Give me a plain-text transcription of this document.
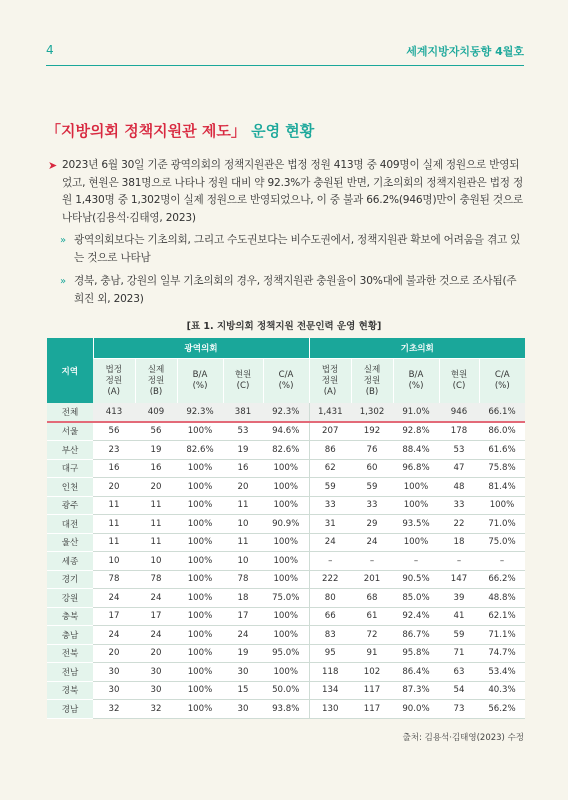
4	세계지방자치동향 4월호
「지방의회 정책지원관 제도」 운영 현황
➤ 2023년 6월 30일 기준 광역의회의 정책지원관은 법정 정원 413명 중 409명이 실제 정원으로 반영되었고, 현원은 381명으로 나타나 정원 대비 약 92.3%가 충원된 반면, 기초의회의 정책지원관은 법정 정원 1,430명 중 1,302명이 실제 정원으로 반영되었으나, 이 중 불과 66.2%(946명)만이 충원된 것으로 나타남(김용석·김태영, 2023)
» 광역의회보다는 기초의회, 그리고 수도권보다는 비수도권에서, 정책지원관 확보에 어려움을 겪고 있는 것으로 나타남
» 경북, 충남, 강원의 일부 기초의회의 경우, 정책지원관 충원율이 30%대에 불과한 것으로 조사됨(주희진 외, 2023)
[표 1. 지방의회 정책지원 전문인력 운영 현황]
지역	광역의회					기초의회				
	법정
정원
(A)	실제
정원
(B)	B/A
(%)	현원
(C)	C/A
(%)	법정
정원
(A)	실제
정원
(B)	B/A
(%)	현원
(C)	C/A
(%)
전체	413	409	92.3%	381	92.3%	1,431	1,302	91.0%	946	66.1%
서울	56	56	100%	53	94.6%	207	192	92.8%	178	86.0%
부산	23	19	82.6%	19	82.6%	86	76	88.4%	53	61.6%
대구	16	16	100%	16	100%	62	60	96.8%	47	75.8%
인천	20	20	100%	20	100%	59	59	100%	48	81.4%
광주	11	11	100%	11	100%	33	33	100%	33	100%
대전	11	11	100%	10	90.9%	31	29	93.5%	22	71.0%
울산	11	11	100%	11	100%	24	24	100%	18	75.0%
세종	10	10	100%	10	100%	–	–	–	–	–
경기	78	78	100%	78	100%	222	201	90.5%	147	66.2%
강원	24	24	100%	18	75.0%	80	68	85.0%	39	48.8%
충북	17	17	100%	17	100%	66	61	92.4%	41	62.1%
충남	24	24	100%	24	100%	83	72	86.7%	59	71.1%
전북	20	20	100%	19	95.0%	95	91	95.8%	71	74.7%
전남	30	30	100%	30	100%	118	102	86.4%	63	53.4%
경북	30	30	100%	15	50.0%	134	117	87.3%	54	40.3%
경남	32	32	100%	30	93.8%	130	117	90.0%	73	56.2%
출처: 김용석·김태영(2023) 수정
